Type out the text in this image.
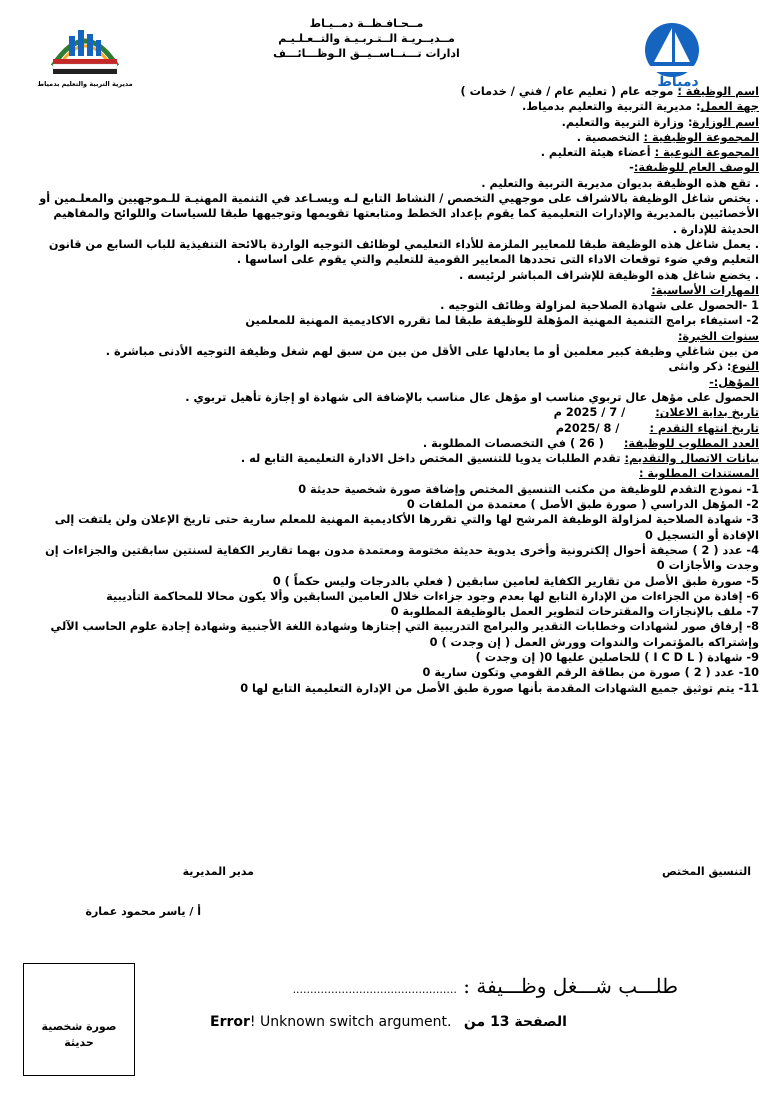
مديرية التربية والتعليم بدمياط	دمياط
مــحـافـظــة دمــيـاط
مــديــريـة الــتـربـيـة والتــعـلـيـم
ادارات تـــنــاســيــق الـوظـــائـــف

اسم الوظيفة : موجه عام ( تعليم عام / فني / خدمات )

جهة العمل: مديرية التربية والتعليم بدمياط.

اسم الوزارة: وزارة التربية والتعليم.

المجموعة الوظيفية : التخصصية .

المجموعة النوعية : أعضاء هيئة التعليم .

الوصف العام للوظيفة:-

. تقع هذه الوظيفة بديوان مديرية التربية والتعليم .

. يختص شاغل الوظيفة بالاشراف على موجهيي التخصص / النشاط التابع لـه ويسـاعد في التنمية المهنيـة للـموجهيين والمعلـمين أو الأخصائيين بالمديرية والإدارات التعليمية كما يقوم بإعداد الخطط ومتابعتها تقويمها وتوجيهها طبقا للسياسات واللوائح والمفاهيم الحديثة للإدارة .

. يعمل شاغل هذه الوظيفة طبقا للمعايير الملزمة للأداء التعليمي لوظائف التوجيه الواردة بالائحة التنفيذية للباب السابع من قانون التعليم وفي ضوء توقعات الاداء التى تحددها المعايير القومية للتعليم والتي يقوم على اساسها .

. يخضع شاغل هذه الوظيفة للإشراف المباشر لرئيسه .

المهارات الأساسية:

1 -الحصول على شهادة الصلاحية لمزاولة وظائف التوجيه .

2- استيفاء برامج التنمية المهنية المؤهلة للوظيفة طبقا لما تقرره الاكاديمية المهنية للمعلمين

سنوات الخبرة:

من بين شاغلي وظيفة كبير معلمين أو ما يعادلها على الأقل من بين من سبق لهم شغل وظيفة التوجيه الأدنى مباشرة .

النوع: ذكر وانثى

المؤهل:-

الحصول على مؤهل عال تربوي مناسب او مؤهل عال مناسب بالإضافة الى شهادة او إجازة تأهيل تربوي .

تاريخ بداية الاعلان:/ 7 / 2025 م

تاريخ انتهاء التقدم :/ 8 /2025م

العدد المطلوب للوظيفة:( 26 ) في التخصصات المطلوبة .

بيانات الاتصال والتقديم: تقدم الطلبات يدويا للتنسيق المختص داخل الادارة التعليمية التابع له .

المستندات المطلوبة :

1- نموذج التقدم للوظيفة من مكتب التنسيق المختص وإضافة صورة شخصية حديثة 0

2- المؤهل الدراسي ( صورة طبق الأصل ) معتمدة من الملفات 0

3- شهادة الصلاحية لمزاولة الوظيفة المرشح لها والتي تقررها الأكاديمية المهنية للمعلم سارية حتى تاريخ الإعلان ولن يلتفت إلى الإفادة أو التسجيل 0

4- عدد ( 2 ) صحيفة أحوال إلكترونية وأخرى يدوية حديثة مختومة ومعتمدة مدون بهما تقارير الكفاية لسنتين سابقتين والجزاءات إن وجدت والأجازات 0

5- صورة طبق الأصل من تقارير الكفاية لعامين سابقين ( فعلي بالدرجات وليس حكماً ) 0

6- إفادة من الجزاءات من الإدارة التابع لها بعدم وجود جزاءات خلال العامين السابقين وألا يكون محالا للمحاكمة التأديبية

7- ملف بالإنجازات والمقترحات لتطوير العمل بالوظيفة المطلوبة 0

8- إرفاق صور لشهادات وخطابات التقدير والبرامج التدريبية التي إجتازها وشهادة اللغة الأجنبية وشهادة إجادة علوم الحاسب الآلي وإشتراكه بالمؤتمرات والندوات وورش العمل ( إن وجدت ) 0

9- شهادة ( I C D L ) للحاصلين عليها 0( إن وجدت )

10- عدد ( 2 ) صورة من بطاقة الرقم القومي وتكون سارية 0

11- يتم توثيق جميع الشهادات المقدمة بأنها صورة طبق الأصل من الإدارة التعليمية التابع لها 0

التنسيق المختص
مدير المديرية
أ / ياسر محمود عمارة
صورة شخصية
حديثة
طلـــب شـــغل وظـــيفة : ...............................................
Error! Unknown switch argument. الصفحة 13 من
